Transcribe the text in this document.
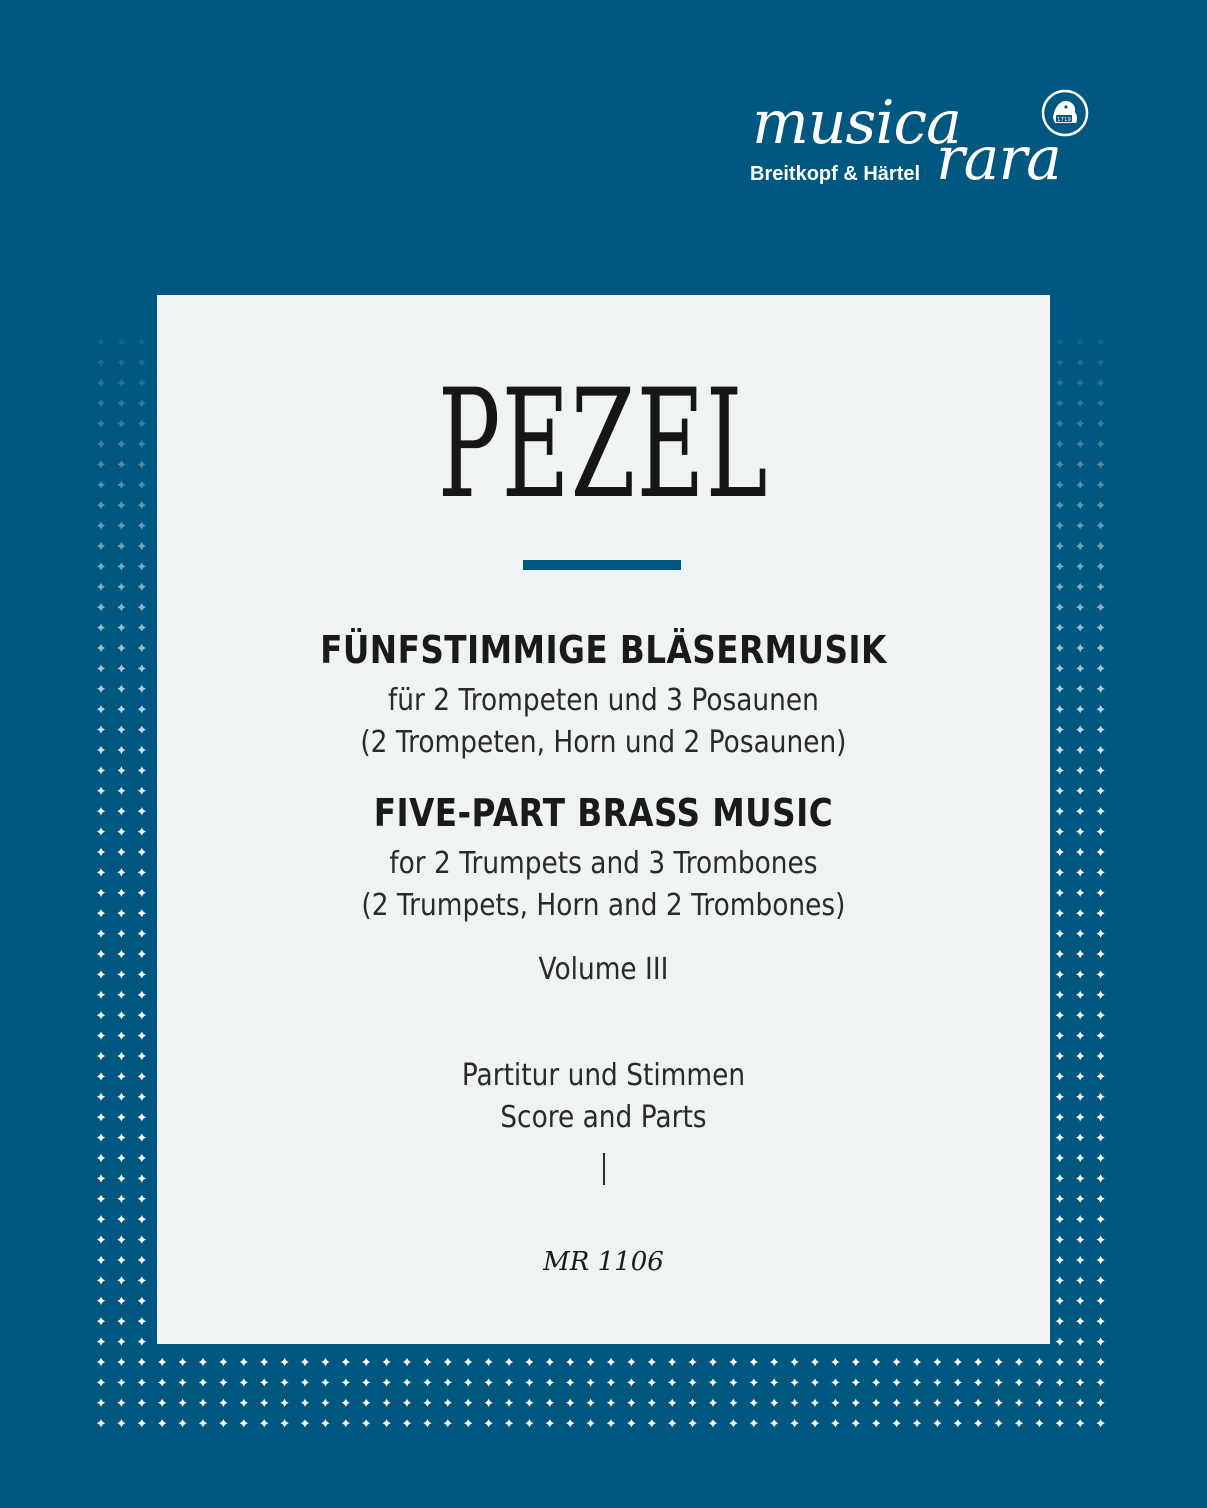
musica
rara
Breitkopf & Härtel
1719
PEZEL
FÜNFSTIMMIGE BLÄSERMUSIK
für 2 Trompeten und 3 Posaunen
(2 Trompeten, Horn und 2 Posaunen)
FIVE-PART BRASS MUSIC
for 2 Trumpets and 3 Trombones
(2 Trumpets, Horn and 2 Trombones)
Volume III
Partitur und Stimmen
Score and Parts
MR 1106
